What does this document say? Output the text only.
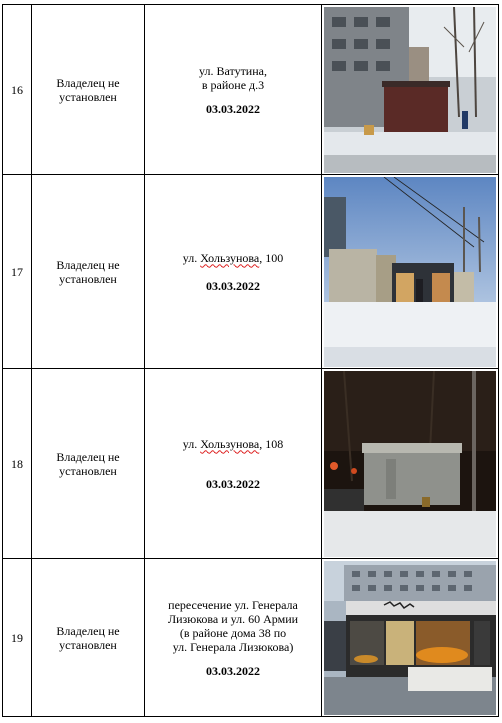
16	Владелец не установлен	ул. Ватутина,
в районе д.3
03.03.2022

17	Владелец не установлен	ул. Хользунова, 100
03.03.2022

18	Владелец не установлен	ул. Хользунова, 108
03.03.2022

19	Владелец не установлен	пересечение ул. Генерала
Лизюкова и ул. 60 Армии
(в районе дома 38 по
ул. Генерала Лизюкова)
03.03.2022
